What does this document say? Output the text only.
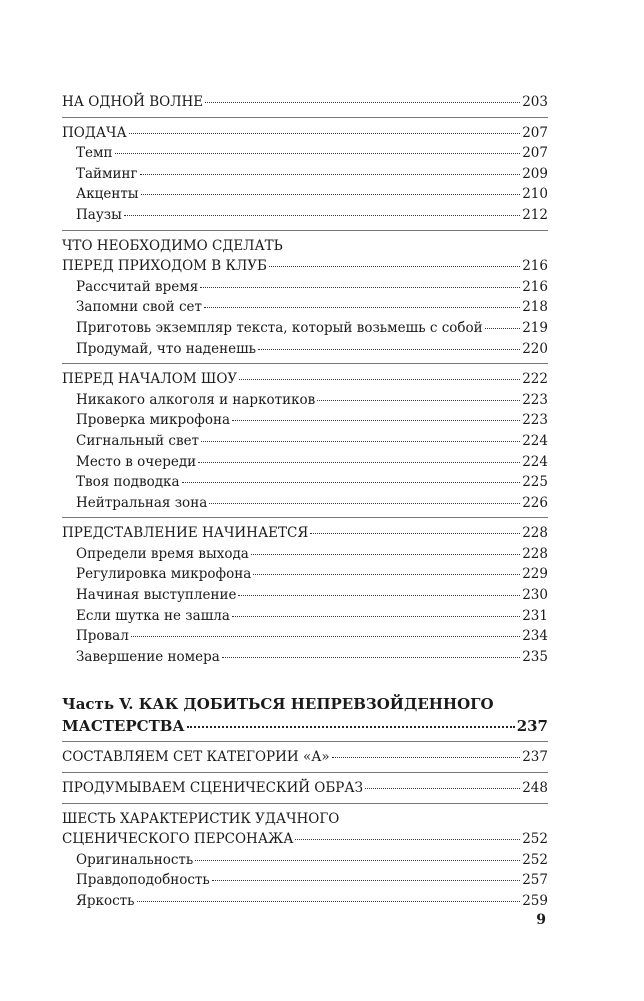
НА ОДНОЙ ВОЛНЕ	203
ПОДАЧА	207
Темп	207
Тайминг	209
Акценты	210
Паузы	212
ЧТО НЕОБХОДИМО СДЕЛАТЬ
ПЕРЕД ПРИХОДОМ В КЛУБ	216
Рассчитай время	216
Запомни свой сет	218
Приготовь экземпляр текста, который возьмешь с собой	219
Продумай, что наденешь	220
ПЕРЕД НАЧАЛОМ ШОУ	222
Никакого алкоголя и наркотиков	223
Проверка микрофона	223
Сигнальный свет	224
Место в очереди	224
Твоя подводка	225
Нейтральная зона	226
ПРЕДСТАВЛЕНИЕ НАЧИНАЕТСЯ	228
Определи время выхода	228
Регулировка микрофона	229
Начиная выступление	230
Если шутка не зашла	231
Провал	234
Завершение номера	235
Часть V. КАК ДОБИТЬСЯ НЕПРЕВЗОЙДЕННОГО
МАСТЕРСТВА	237
СОСТАВЛЯЕМ СЕТ КАТЕГОРИИ «А»	237
ПРОДУМЫВАЕМ СЦЕНИЧЕСКИЙ ОБРАЗ	248
ШЕСТЬ ХАРАКТЕРИСТИК УДАЧНОГО
СЦЕНИЧЕСКОГО ПЕРСОНАЖА	252
Оригинальность	252
Правдоподобность	257
Яркость	259
9
